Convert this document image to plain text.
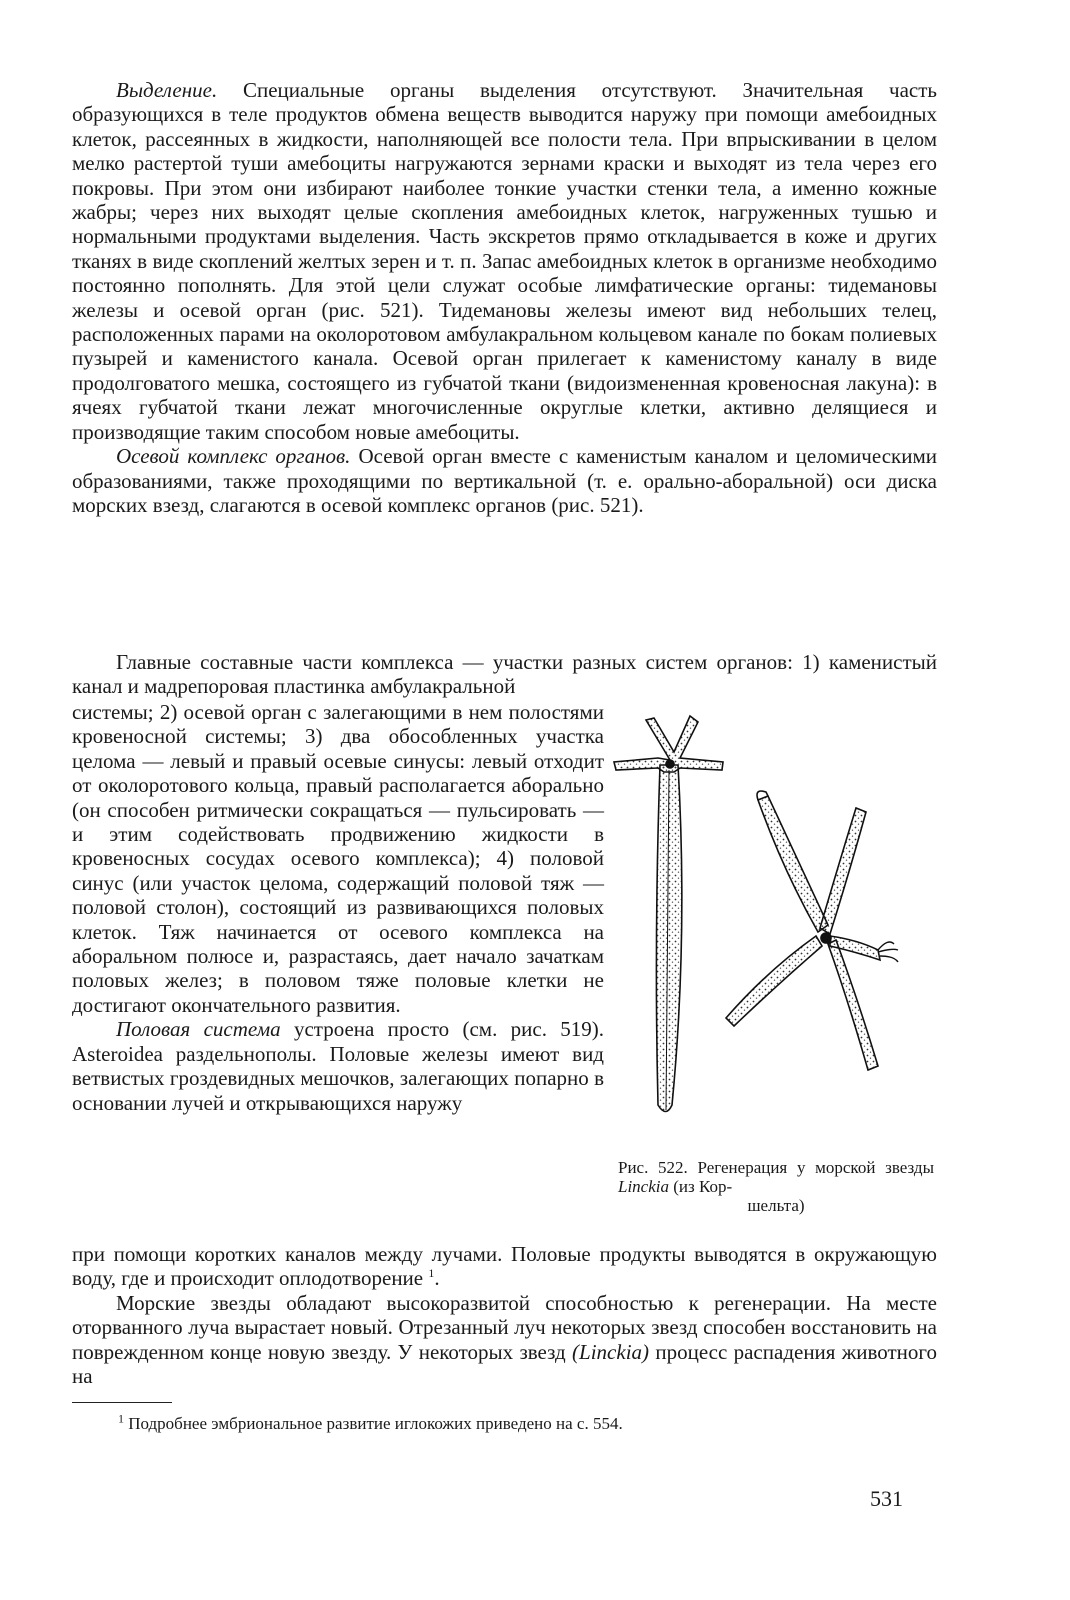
Выделение. Специальные органы выделения отсутствуют. Значительная часть образующихся в теле продуктов обмена веществ выводится наружу при помощи амебоидных клеток, рассеянных в жидкости, наполняющей все полости тела. При впрыскивании в целом мелко растертой туши амебоциты нагружаются зернами краски и выходят из тела через его покровы. При этом они избирают наиболее тонкие участки стенки тела, а именно кожные жабры; через них выходят целые скопления амебоидных клеток, нагруженных тушью и нормальными продуктами выделения. Часть экскретов прямо откладывается в коже и других тканях в виде скоплений желтых зерен и т. п. Запас амебоидных клеток в организме необходимо постоянно пополнять. Для этой цели служат особые лимфатические органы: тидемановы железы и осевой орган (рис. 521). Тидемановы железы имеют вид небольших телец, расположенных парами на околоротовом амбулакральном кольцевом канале по бокам полиевых пузырей и каменистого канала. Осевой орган прилегает к каменистому каналу в виде продолговатого мешка, состоящего из губчатой ткани (видоизмененная кровеносная лакуна): в ячеях губчатой ткани лежат многочисленные округлые клетки, активно делящиеся и производящие таким способом новые амебоциты.

Осевой комплекс органов. Осевой орган вместе с каменистым каналом и целомическими образованиями, также проходящими по вертикальной (т. е. орально-аборальной) оси диска морских взезд, слагаются в осевой комплекс органов (рис. 521).

Главные составные части комплекса — участки разных систем органов: 1) каменистый канал и мадрепоровая пластинка амбулакральной

системы; 2) осевой орган с залегающими в нем полостями кровеносной системы; 3) два обособленных участка целома — левый и правый осевые синусы: левый отходит от околоротового кольца, правый располагается аборально (он способен ритмически сокращаться — пульсировать — и этим содействовать продвижению жидкости в кровеносных сосудах осевого комплекса); 4) половой синус (или участок целома, содержащий половой тяж — половой столон), состоящий из развивающихся половых клеток. Тяж начинается от осевого комплекса на аборальном полюсе и, разрастаясь, дает начало зачаткам половых желез; в половом тяже половые клетки не достигают окончательного развития.

Половая система устроена просто (см. рис. 519). Asteroidea раздельнополы. Половые железы имеют вид ветвистых гроздевидных мешочков, залегающих попарно в основании лучей и открывающихся наружу

Рис. 522. Регенерация у морской звезды Linckia (из Кор-
шельта)

при помощи коротких каналов между лучами. Половые продукты выводятся в окружающую воду, где и происходит оплодотворение $^1$.

Морские звезды обладают высокоразвитой способностью к регенерации. На месте оторванного луча вырастает новый. Отрезанный луч некоторых звезд способен восстановить на поврежденном конце новую звезду. У некоторых звезд (Linckia) процесс распадения животного на

$^1$ Подробнее эмбриональное развитие иглокожих приведено на с. 554.
531
